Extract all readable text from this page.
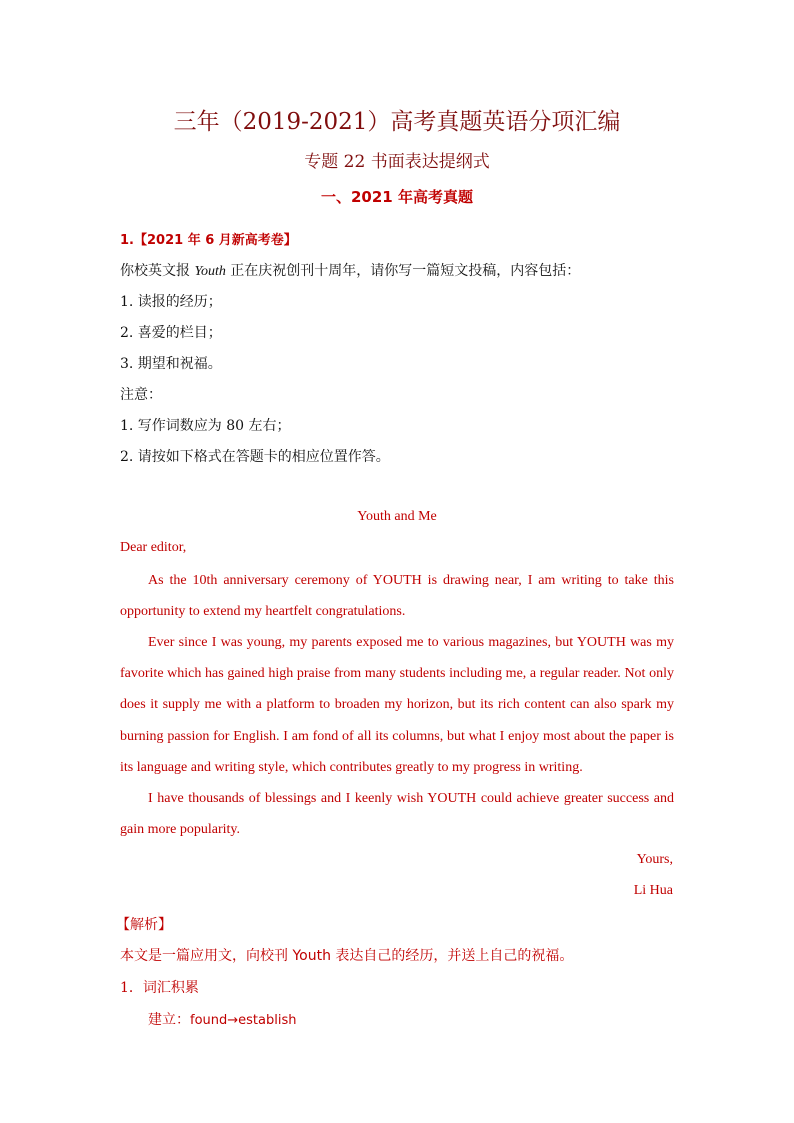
三年（2019-2021）高考真题英语分项汇编
专题 22 书面表达提纲式
一、2021 年高考真题
1.【2021 年 6 月新高考卷】
你校英文报 Youth 正在庆祝创刊十周年，请你写一篇短文投稿，内容包括：
1. 读报的经历；
2. 喜爱的栏目；
3. 期望和祝福。
注意：
1. 写作词数应为 80 左右；
2. 请按如下格式在答题卡的相应位置作答。
Youth and Me
Dear editor,
As the 10th anniversary ceremony of YOUTH is drawing near, I am writing to take this opportunity to extend my heartfelt congratulations.
Ever since I was young, my parents exposed me to various magazines, but YOUTH was my favorite which has gained high praise from many students including me, a regular reader. Not only does it supply me with a platform to broaden my horizon, but its rich content can also spark my burning passion for English. I am fond of all its columns, but what I enjoy most about the paper is its language and writing style, which contributes greatly to my progress in writing.
I have thousands of blessings and I keenly wish YOUTH could achieve greater success and gain more popularity.
Yours,
Li Hua
【解析】
本文是一篇应用文，向校刊 Youth 表达自己的经历，并送上自己的祝福。
1．词汇积累
建立：found→establish
